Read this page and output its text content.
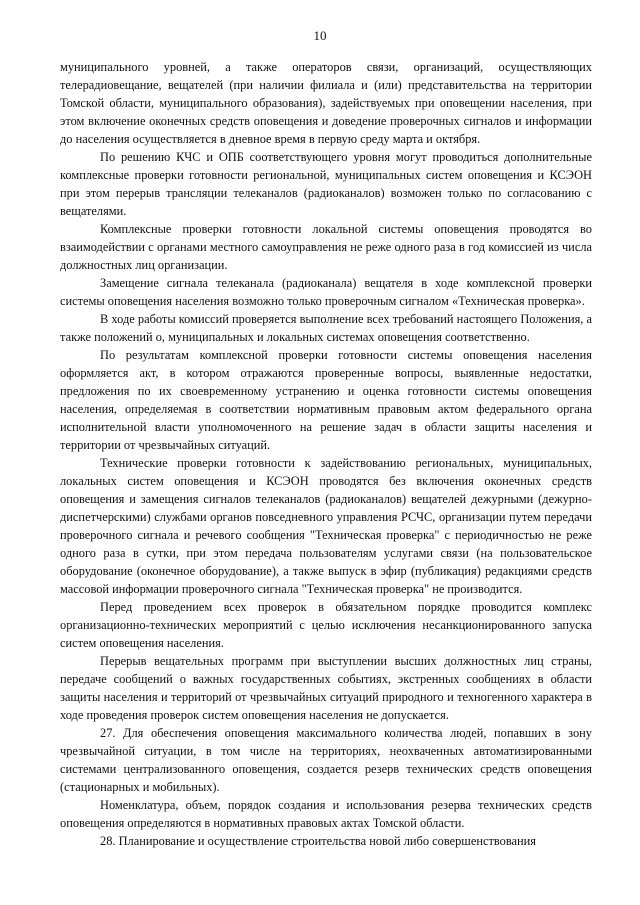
10

муниципального уровней, а также операторов связи, организаций, осуществляющих телерадиовещание, вещателей (при наличии филиала и (или) представительства на территории Томской области, муниципального образования), задействуемых при оповещении населения, при этом включение оконечных средств оповещения и доведение проверочных сигналов и информации до населения осуществляется в дневное время в первую среду марта и октября.

По решению КЧС и ОПБ соответствующего уровня могут проводиться дополнительные комплексные проверки готовности региональной, муниципальных систем оповещения и КСЭОН при этом перерыв трансляции телеканалов (радиоканалов) возможен только по согласованию с вещателями.

Комплексные проверки готовности локальной системы оповещения проводятся во взаимодействии с органами местного самоуправления не реже одного раза в год комиссией из числа должностных лиц организации.

Замещение сигнала телеканала (радиоканала) вещателя в ходе комплексной проверки системы оповещения населения возможно только проверочным сигналом «Техническая проверка».

В ходе работы комиссий проверяется выполнение всех требований настоящего Положения, а также положений о, муниципальных и локальных системах оповещения соответственно.

По результатам комплексной проверки готовности системы оповещения населения оформляется акт, в котором отражаются проверенные вопросы, выявленные недостатки, предложения по их своевременному устранению и оценка готовности системы оповещения населения, определяемая в соответствии нормативным правовым актом федерального органа исполнительной власти уполномоченного на решение задач в области защиты населения и территории от чрезвычайных ситуаций.

Технические проверки готовности к задействованию региональных, муниципальных, локальных систем оповещения и КСЭОН проводятся без включения оконечных средств оповещения и замещения сигналов телеканалов (радиоканалов) вещателей дежурными (дежурно-диспетчерскими) службами органов повседневного управления РСЧС, организации путем передачи проверочного сигнала и речевого сообщения "Техническая проверка" с периодичностью не реже одного раза в сутки, при этом передача пользователям услугами связи (на пользовательское оборудование (оконечное оборудование), а также выпуск в эфир (публикация) редакциями средств массовой информации проверочного сигнала "Техническая проверка" не производится.

Перед проведением всех проверок в обязательном порядке проводится комплекс организационно-технических мероприятий с целью исключения несанкционированного запуска систем оповещения населения.

Перерыв вещательных программ при выступлении высших должностных лиц страны, передаче сообщений о важных государственных событиях, экстренных сообщениях в области защиты населения и территорий от чрезвычайных ситуаций природного и техногенного характера в ходе проведения проверок систем оповещения населения не допускается.

27. Для обеспечения оповещения максимального количества людей, попавших в зону чрезвычайной ситуации, в том числе на территориях, неохваченных автоматизированными системами централизованного оповещения, создается резерв технических средств оповещения (стационарных и мобильных).

Номенклатура, объем, порядок создания и использования резерва технических средств оповещения определяются в нормативных правовых актах Томской области.

28. Планирование и осуществление строительства новой либо совершенствования
